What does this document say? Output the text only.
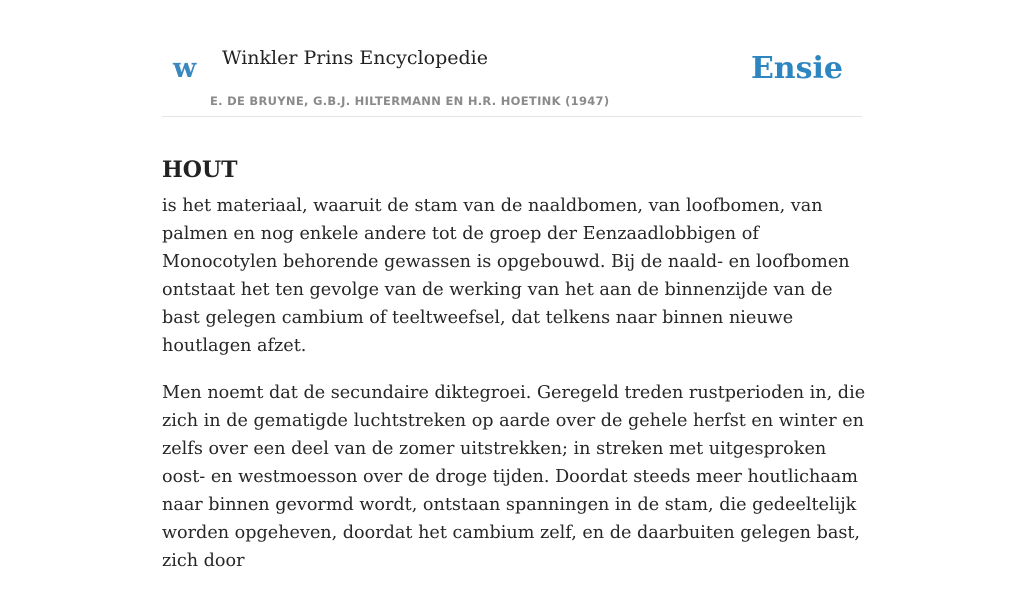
w Winkler Prins Encyclopedie
E. DE BRUYNE, G.B.J. HILTERMANN EN H.R. HOETINK (1947)
Ensie
HOUT

is het materiaal, waaruit de stam van de naaldbomen, van loofbomen, van palmen en nog enkele andere tot de groep der Eenzaadlobbigen of Monocotylen behorende gewassen is opgebouwd. Bij de naald- en loofbomen ontstaat het ten gevolge van de werking van het aan de binnenzijde van de bast gelegen cambium of teeltweefsel, dat telkens naar binnen nieuwe houtlagen afzet.

Men noemt dat de secundaire diktegroei. Geregeld treden rustperioden in, die zich in de gematigde luchtstreken op aarde over de gehele herfst en winter en zelfs over een deel van de zomer uitstrekken; in streken met uitgesproken oost- en westmoesson over de droge tijden. Doordat steeds meer houtlichaam naar binnen gevormd wordt, ontstaan spanningen in de stam, die gedeeltelijk worden opgeheven, doordat het cambium zelf, en de daarbuiten gelegen bast, zich door
